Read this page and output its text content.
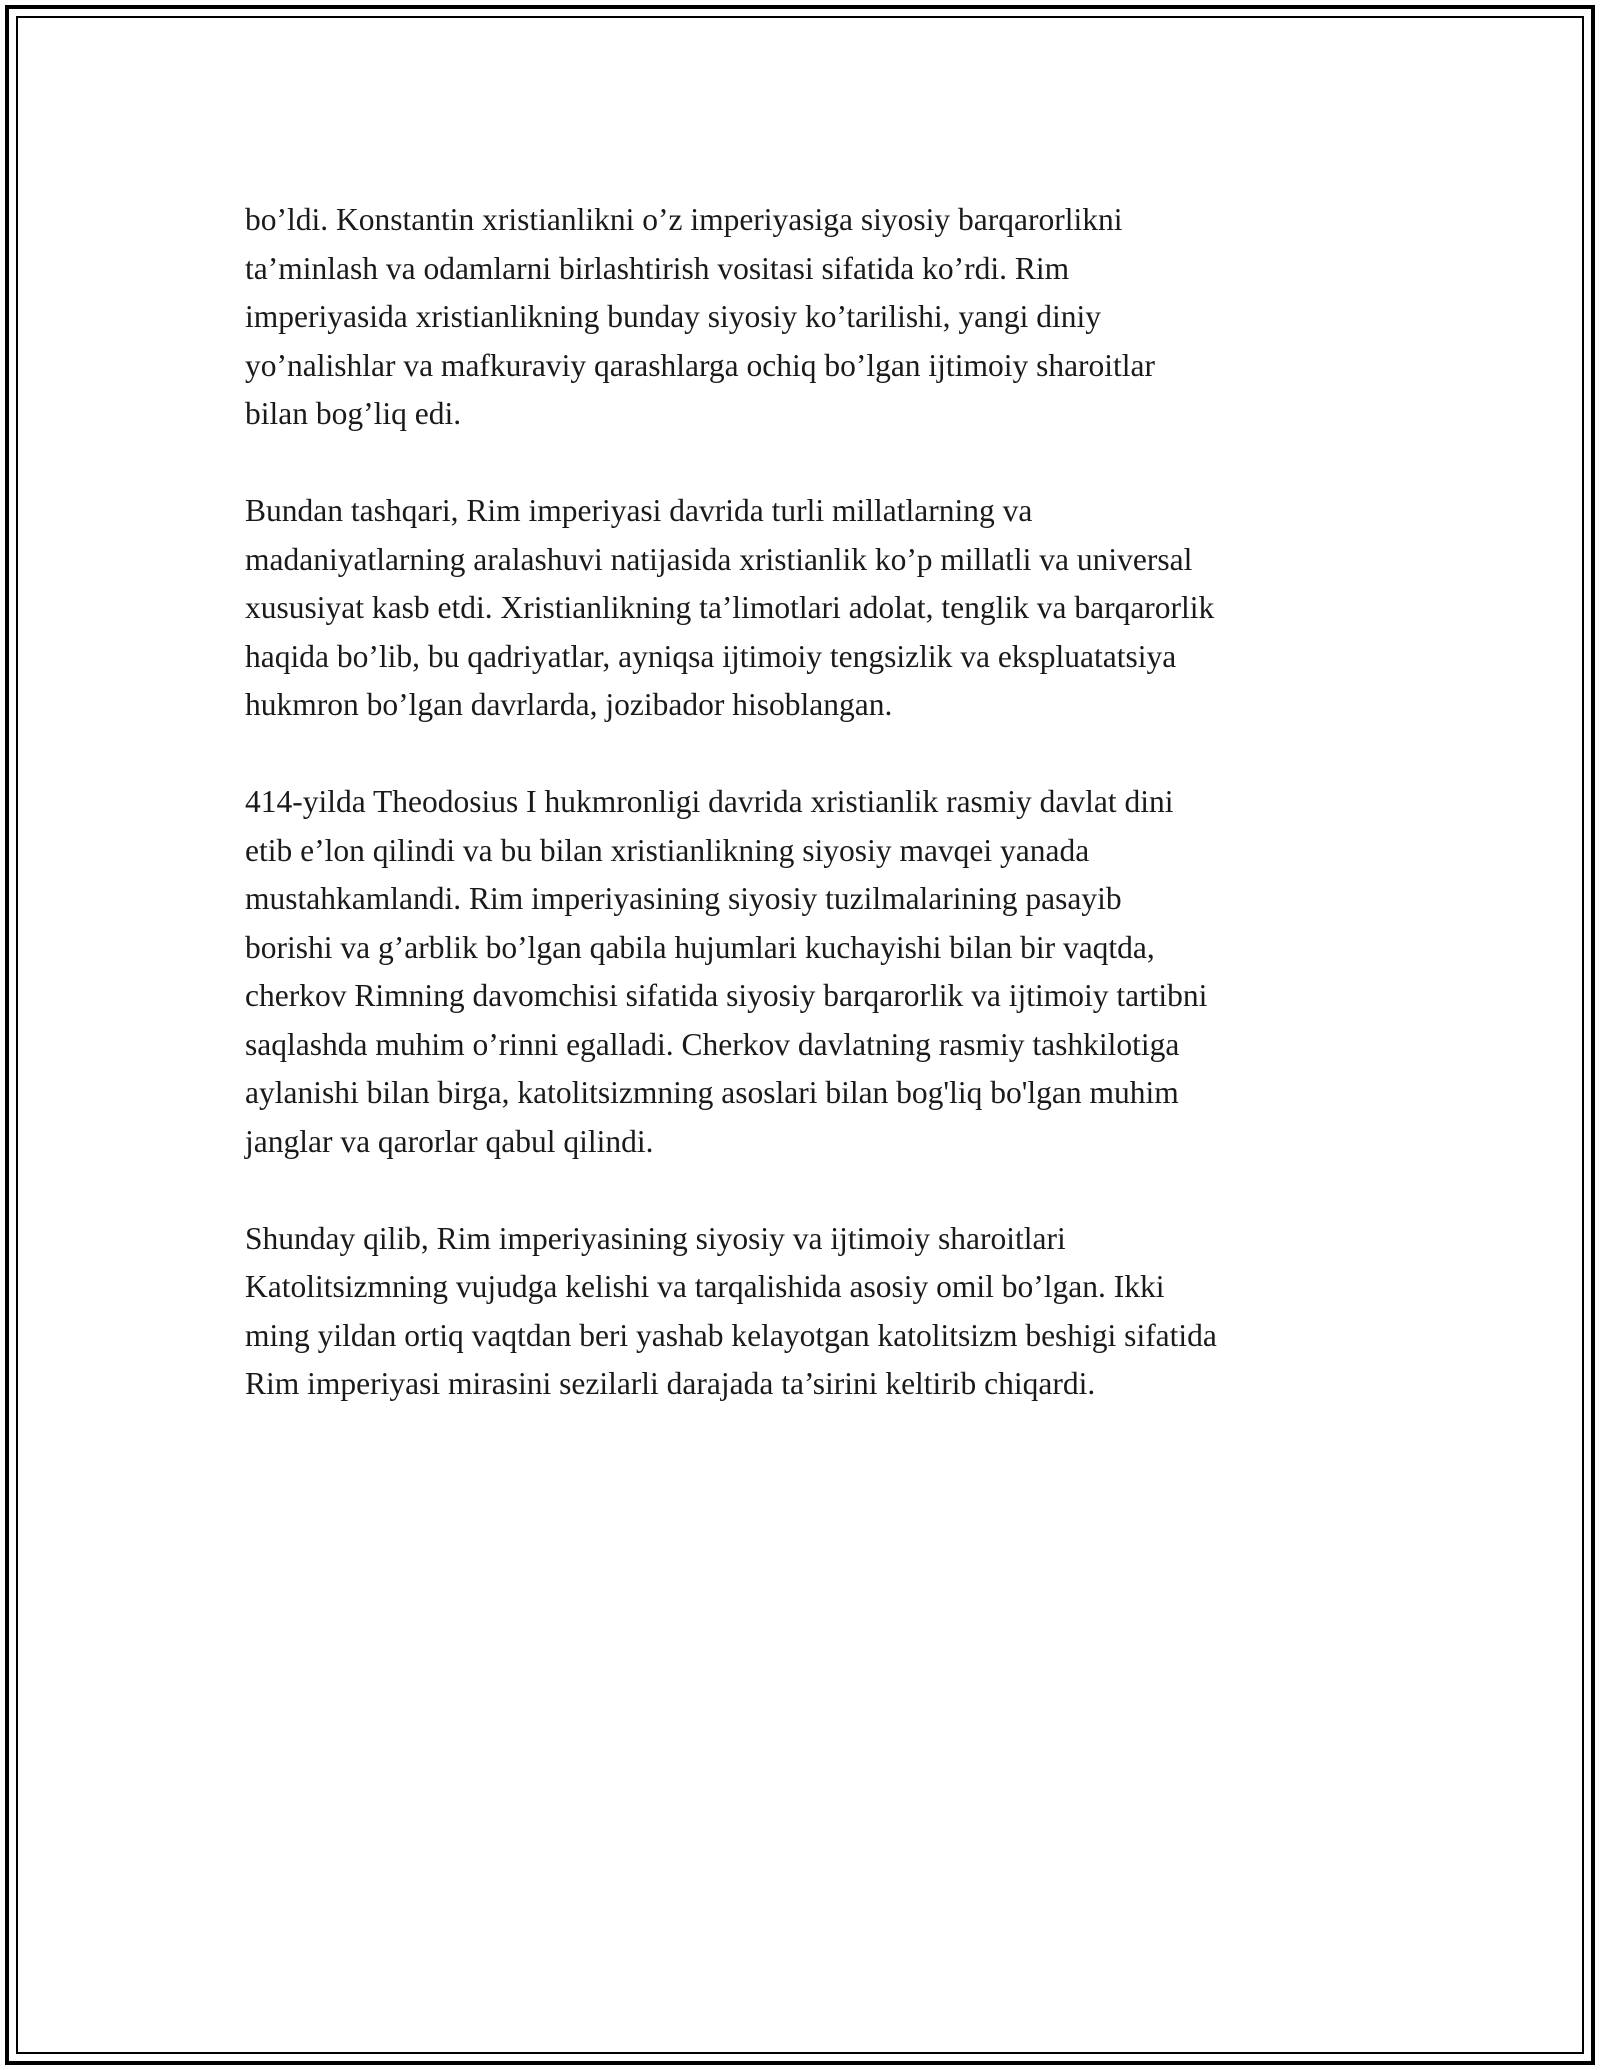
bo’ldi. Konstantin xristianlikni o’z imperiyasiga siyosiy barqarorlikni
ta’minlash va odamlarni birlashtirish vositasi sifatida ko’rdi. Rim
imperiyasida xristianlikning bunday siyosiy ko’tarilishi, yangi diniy
yo’nalishlar va mafkuraviy qarashlarga ochiq bo’lgan ijtimoiy sharoitlar
bilan bog’liq edi.

Bundan tashqari, Rim imperiyasi davrida turli millatlarning va
madaniyatlarning aralashuvi natijasida xristianlik ko’p millatli va universal
xususiyat kasb etdi. Xristianlikning ta’limotlari adolat, tenglik va barqarorlik
haqida bo’lib, bu qadriyatlar, ayniqsa ijtimoiy tengsizlik va ekspluatatsiya
hukmron bo’lgan davrlarda, jozibador hisoblangan.

414-yilda Theodosius I hukmronligi davrida xristianlik rasmiy davlat dini
etib e’lon qilindi va bu bilan xristianlikning siyosiy mavqei yanada
mustahkamlandi. Rim imperiyasining siyosiy tuzilmalarining pasayib
borishi va g’arblik bo’lgan qabila hujumlari kuchayishi bilan bir vaqtda,
cherkov Rimning davomchisi sifatida siyosiy barqarorlik va ijtimoiy tartibni
saqlashda muhim o’rinni egalladi. Cherkov davlatning rasmiy tashkilotiga
aylanishi bilan birga, katolitsizmning asoslari bilan bog'liq bo'lgan muhim
janglar va qarorlar qabul qilindi.

Shunday qilib, Rim imperiyasining siyosiy va ijtimoiy sharoitlari
Katolitsizmning vujudga kelishi va tarqalishida asosiy omil bo’lgan. Ikki
ming yildan ortiq vaqtdan beri yashab kelayotgan katolitsizm beshigi sifatida
Rim imperiyasi mirasini sezilarli darajada ta’sirini keltirib chiqardi.
